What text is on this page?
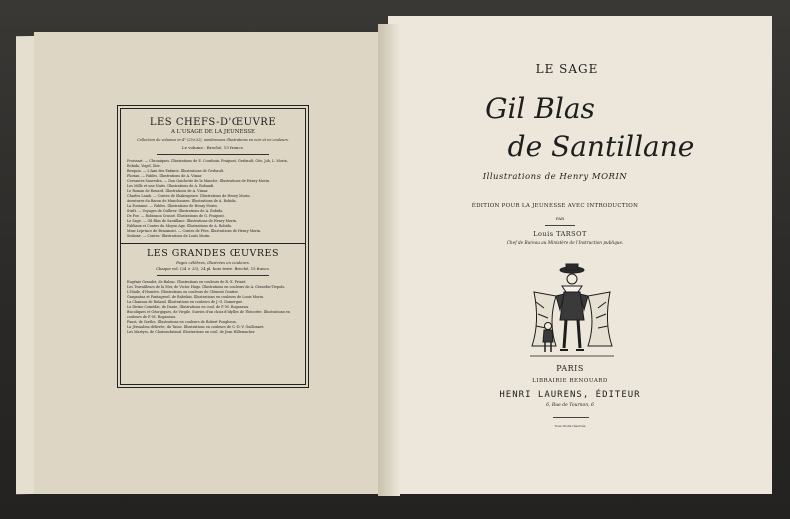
LES CHEFS-D'ŒUVRE
A L'USAGE DE LA JEUNESSE
Collection de volumes in-4° (25×32), nombreuses illustrations en noir et en couleurs.
Le volume : Broché, 15 francs.
Froissart. — Chroniques. Illustrations de E. Courboin, Fraipont, Gerbault, Géo, Job, L. Morin, Robida, Vogel, Zier.
Berquin. — L'Ami des Enfants. Illustrations de Gerbault.
Florian. — Fables. Illustrations de A. Vimar.
Cervantes Saavedra. — Don Quichotte de la Manche. Illustrations de Henry Morin.
Les Mille et une Nuits. Illustrations de A. Robaudi.
Le Roman de Renard. Illustrations de A. Vimar.
Charles Lamb. — Contes de Shakespeare. Illustrations de Henry Morin.
Aventures du Baron de Munchausen. Illustrations de A. Robida.
La Fontaine. — Fables. Illustrations de Henry Morin.
Swift. — Voyages de Gulliver. Illustrations de A. Robida.
De Foe. — Robinson Crusoé. Illustrations de G. Fraipont.
Le Sage. — Gil Blas de Santillane. Illustrations de Henry Morin.
Fabliaux et Contes du Moyen Age. Illustrations de A. Robida.
Mme Leprince de Beaumont. — Contes de Fées. Illustrations de Henry Morin.
Sedaine. — Contes. Illustrations de Louis Morin.
LES GRANDES ŒUVRES
Pages célèbres, illustrées en couleurs.
Chaque vol. (24 × 25), 24 pl. hors texte. Broché, 15 francs.
Eugénie Grandet, de Balzac. Illustrations en couleurs de R.-X. Prinet.
Les Travailleurs de la Mer, de Victor Hugo. Illustrations en couleurs de A. Gérardin-Tiepolo.
L'Iliade, d'Homère. Illustrations en couleurs de Clément Gontier.
Gargantua et Pantagruel, de Rabelais. Illustrations en couleurs de Louis Morin.
La Chanson de Roland. Illustrations en couleurs de J.-G. Domergue.
La Divine Comédie, de Dante. Illustrations en coul. de F.-M. Roganeau.
Bucoliques et Géorgiques, de Virgile. Suivies d'un choix d'Idylles de Théocrite. Illustrations en couleurs de F.-M. Roganeau.
Faust, de Gœthe. Illustrations en couleurs de Robert Pougheon.
La Jérusalem délivrée, du Tasse. Illustrations en couleurs de G.-D.-V. Guillonnet.
Les Martyrs, de Chateaubriand. Illustrations en coul. de Jean Hillemacher.
LE SAGE
Gil Blas
de Santillane
Illustrations de Henry MORIN
ÉDITION POUR LA JEUNESSE AVEC INTRODUCTION
PAR
Louis TARSOT
Chef de Bureau au Ministère de l'Instruction publique.
PARIS
LIBRAIRIE RENOUARD
HENRI LAURENS, ÉDITEUR
6, Rue de Tournon, 6
Tous droits réservés
